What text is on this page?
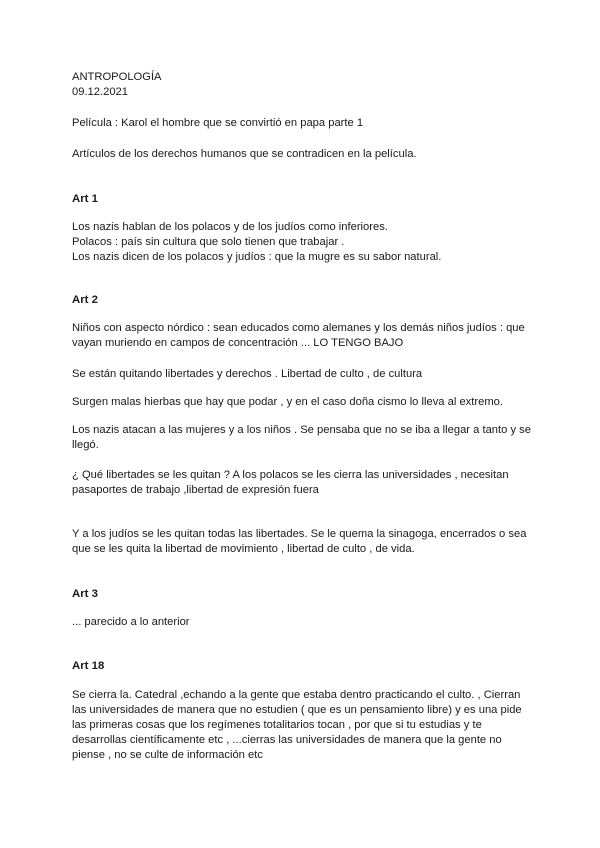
ANTROPOLOGÍA
09.12.2021
Película : Karol el hombre que se convirtió en papa parte 1
Artículos de los derechos humanos que se contradicen en la película.
Art 1
Los nazis hablan de los polacos y de los judíos como inferiores.
Polacos : país sin cultura que solo tienen que trabajar .
Los nazis dicen de los polacos y judíos : que la mugre es su sabor natural.
Art 2
Niños con aspecto nórdico : sean educados como alemanes y los demás niños judíos : que
vayan muriendo en campos de concentración ... LO TENGO BAJO
Se están quitando libertades y derechos . Libertad de culto , de cultura
Surgen malas hierbas que hay que podar , y en el caso doña cismo lo lleva al extremo.
Los nazis atacan a las mujeres y a los niños . Se pensaba que no se iba a llegar a tanto y se
llegó.
¿ Qué libertades se les quitan ? A los polacos se les cierra las universidades , necesitan
pasaportes de trabajo ,libertad de expresión fuera
Y a los judíos se les quitan todas las libertades. Se le quema la sinagoga, encerrados o sea
que se les quita la libertad de movimiento , libertad de culto , de vida.
Art 3
... parecido a lo anterior
Art 18
Se cierra la. Catedral ,echando a la gente que estaba dentro practicando el culto. , Cierran
las universidades de manera que no estudien ( que es un pensamiento libre) y es una pide
las primeras cosas que los regímenes totalitarios tocan , por que si tu estudias y te
desarrollas científicamente etc , ...cierras las universidades de manera que la gente no
piense , no se culte de información etc
